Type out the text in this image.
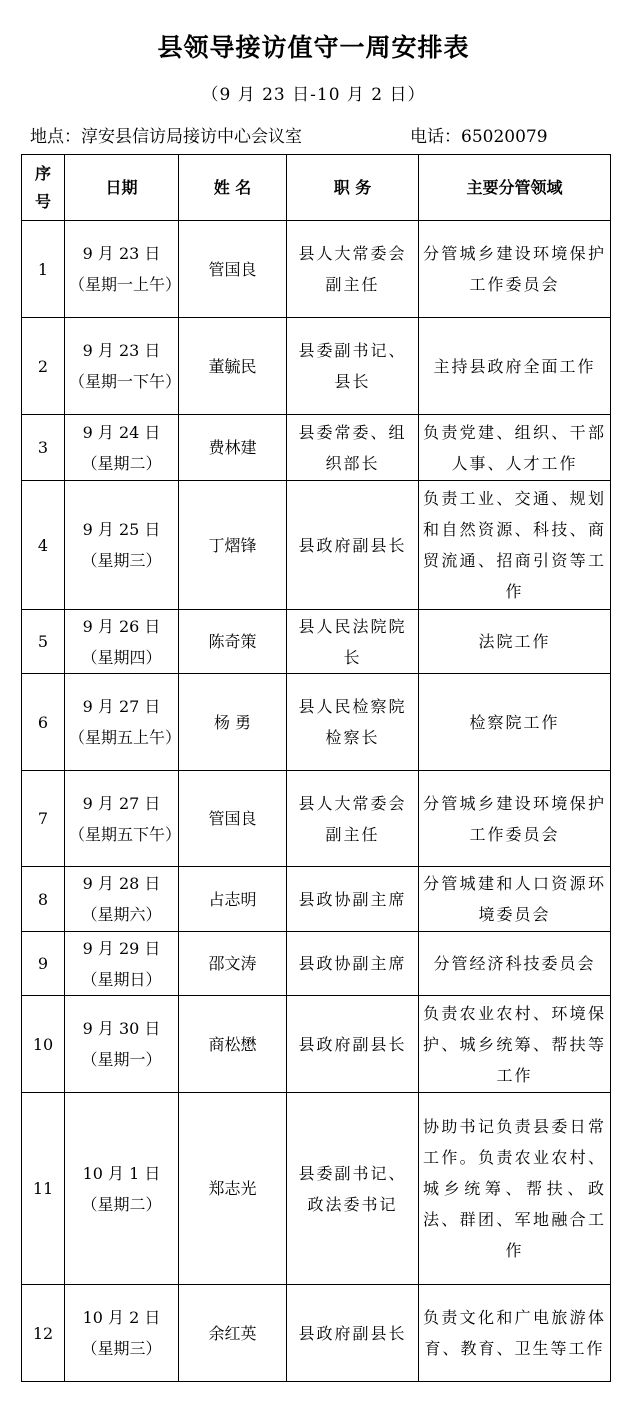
县领导接访值守一周安排表
（9 月 23 日-10 月 2 日）
地点：淳安县信访局接访中心会议室	电话：65020079
序号	日期	姓 名	职 务	主要分管领域
1	9 月 23 日（星期一上午）	管国良	县人大常委会副主任	分管城乡建设环境保护工作委员会
2	9 月 23 日（星期一下午）	董毓民	县委副书记、县长	主持县政府全面工作
3	9 月 24 日（星期二）	费林建	县委常委、组织部长	负责党建、组织、干部人事、人才工作
4	9 月 25 日（星期三）	丁熠锋	县政府副县长	负责工业、交通、规划和自然资源、科技、商贸流通、招商引资等工作
5	9 月 26 日（星期四）	陈奇策	县人民法院院长	法院工作
6	9 月 27 日（星期五上午）	杨 勇	县人民检察院检察长	检察院工作
7	9 月 27 日（星期五下午）	管国良	县人大常委会副主任	分管城乡建设环境保护工作委员会
8	9 月 28 日（星期六）	占志明	县政协副主席	分管城建和人口资源环境委员会
9	9 月 29 日（星期日）	邵文涛	县政协副主席	分管经济科技委员会
10	9 月 30 日（星期一）	商松懋	县政府副县长	负责农业农村、环境保护、城乡统筹、帮扶等工作
11	10 月 1 日（星期二）	郑志光	县委副书记、政法委书记	协助书记负责县委日常工作。负责农业农村、城乡统筹、帮扶、政法、群团、军地融合工作
12	10 月 2 日（星期三）	余红英	县政府副县长	负责文化和广电旅游体育、教育、卫生等工作
